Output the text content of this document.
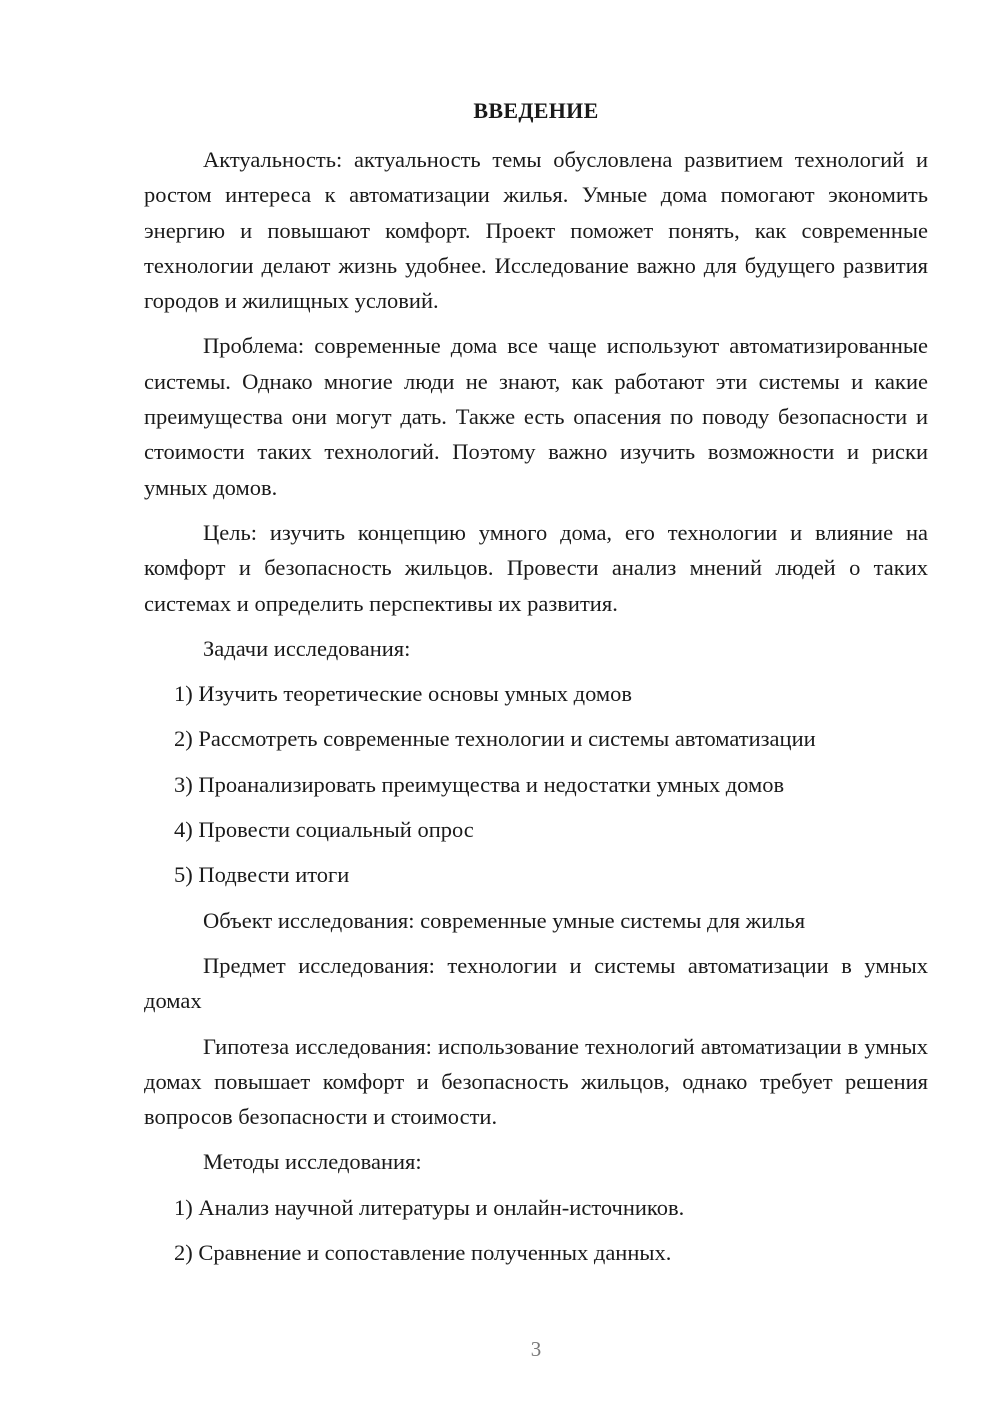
ВВЕДЕНИЕ

Актуальность: актуальность темы обусловлена развитием технологий и ростом интереса к автоматизации жилья. Умные дома помогают экономить энергию и повышают комфорт. Проект поможет понять, как современные технологии делают жизнь удобнее. Исследование важно для будущего развития городов и жилищных условий.

Проблема: современные дома все чаще используют автоматизированные системы. Однако многие люди не знают, как работают эти системы и какие преимущества они могут дать. Также есть опасения по поводу безопасности и стоимости таких технологий. Поэтому важно изучить возможности и риски умных домов.

Цель: изучить концепцию умного дома, его технологии и влияние на комфорт и безопасность жильцов. Провести анализ мнений людей о таких системах и определить перспективы их развития.

Задачи исследования:

1) Изучить теоретические основы умных домов

2) Рассмотреть современные технологии и системы автоматизации

3) Проанализировать преимущества и недостатки умных домов

4) Провести социальный опрос

5) Подвести итоги

Объект исследования: современные умные системы для жилья

Предмет исследования: технологии и системы автоматизации в умных домах

Гипотеза исследования: использование технологий автоматизации в умных домах повышает комфорт и безопасность жильцов, однако требует решения вопросов безопасности и стоимости.

Методы исследования:

1) Анализ научной литературы и онлайн-источников.

2) Сравнение и сопоставление полученных данных.

3
